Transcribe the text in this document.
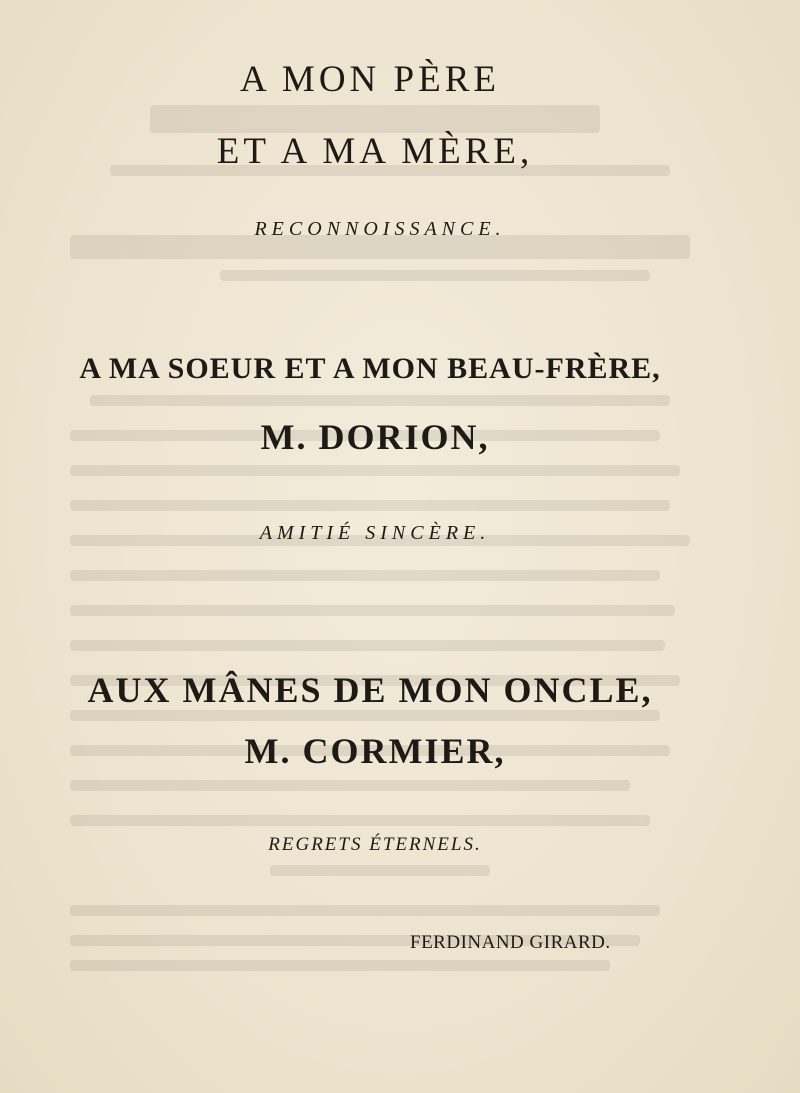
A MON PÈRE
ET A MA MÈRE,

RECONNOISSANCE.

A MA SOEUR ET A MON BEAU-FRÈRE,
M. DORION,

AMITIÉ SINCÈRE.

AUX MÂNES DE MON ONCLE,
M. CORMIER,

REGRETS ÉTERNELS.

FERDINAND GIRARD.
